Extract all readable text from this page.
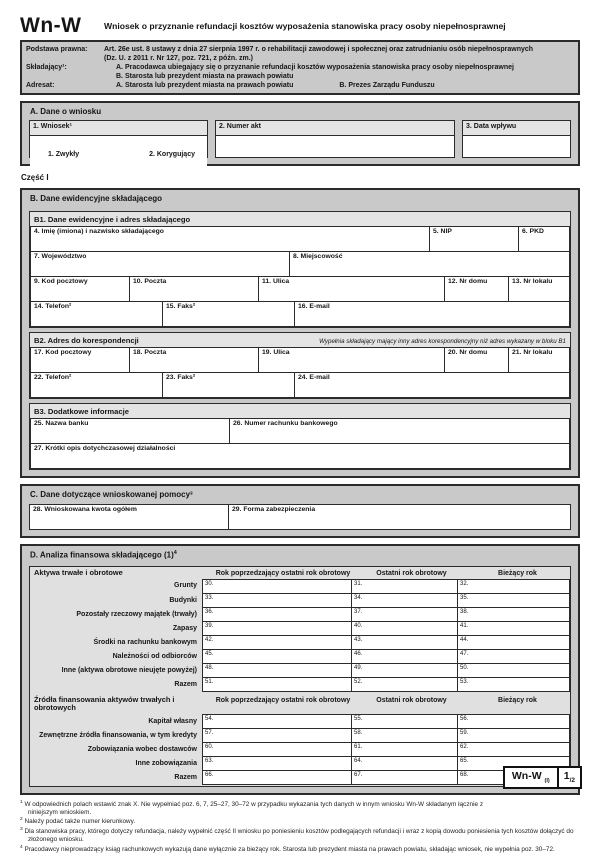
Wn-W	Wniosek o przyznanie refundacji kosztów wyposażenia stanowiska pracy osoby niepełnosprawnej
Podstawa prawna:	Art. 26e ust. 8 ustawy z dnia 27 sierpnia 1997 r. o rehabilitacji zawodowej i społecznej oraz zatrudnianiu osób niepełnosprawnych
(Dz. U. z 2011 r. Nr 127, poz. 721, z późn. zm.)
Składający¹:	A. Pracodawca ubiegający się o przyznanie refundacji kosztów wyposażenia stanowiska pracy osoby niepełnosprawnej
B. Starosta lub prezydent miasta na prawach powiatu
Adresat:	A. Starosta lub prezydent miasta na prawach powiatu	B. Prezes Zarządu Funduszu
A. Dane o wniosku
1. Wniosek¹
1. Zwykły	2. Korygujący
2. Numer akt	3. Data wpływu
Część I
B. Dane ewidencyjne składającego
B1. Dane ewidencyjne i adres składającego
4. Imię (imiona) i nazwisko składającego	5. NIP	6. PKD
7. Województwo	8. Miejscowość
9. Kod pocztowy	10. Poczta	11. Ulica	12. Nr domu	13. Nr lokalu
14. Telefon²	15. Faks²	16. E-mail
B2. Adres do korespondencji	Wypełnia składający mający inny adres korespondencyjny niż adres wykazany w bloku B1
17. Kod pocztowy	18. Poczta	19. Ulica	20. Nr domu	21. Nr lokalu
22. Telefon²	23. Faks²	24. E-mail
B3. Dodatkowe informacje
25. Nazwa banku	26. Numer rachunku bankowego
27. Krótki opis dotychczasowej działalności
C. Dane dotyczące wnioskowanej pomocy³
28. Wnioskowana kwota ogółem	29. Forma zabezpieczenia
D. Analiza finansowa składającego $(1)^4$
Aktywa trwałe i obrotowe	Rok poprzedzający ostatni rok obrotowy	Ostatni rok obrotowy	Bieżący rok
Grunty	30.	31.	32.
Budynki	33.	34.	35.
Pozostały rzeczowy majątek (trwały)	36.	37.	38.
Zapasy	39.	40.	41.
Środki na rachunku bankowym	42.	43.	44.
Należności od odbiorców	45.	46.	47.
Inne (aktywa obrotowe nieujęte powyżej)	48.	49.	50.
Razem	51.	52.	53.
Źródła finansowania aktywów trwałych i obrotowych
Rok poprzedzający ostatni rok obrotowy	Ostatni rok obrotowy	Bieżący rok
Kapitał własny	54.	55.	56.
Zewnętrzne źródła finansowania, w tym kredyty	57.	58.	59.
Zobowiązania wobec dostawców	60.	61.	62.
Inne zobowiązania	63.	64.	65.
Razem	66.	67.	68.
$^1$ W odpowiednich polach wstawić znak X. Nie wypełniać poz. 6, 7, 25–27, 30–72 w przypadku wykazania tych danych w innym wniosku Wn-W składanym łącznie z niniejszym wnioskiem.
$^2$ Należy podać także numer kierunkowy.
$^3$ Dla stanowiska pracy, którego dotyczy refundacja, należy wypełnić część II wniosku po poniesieniu kosztów podlegających refundacji i wraz z kopią dowodu poniesienia tych kosztów dołączyć do złożonego wniosku.
$^4$ Pracodawcy nieprowadzący ksiąg rachunkowych wykazują dane wyłącznie za bieżący rok. Starosta lub prezydent miasta na prawach powiatu, składając wniosek, nie wypełnia poz. 30–72.
Wn-W $_{(I)}$	$1_{/2}$
